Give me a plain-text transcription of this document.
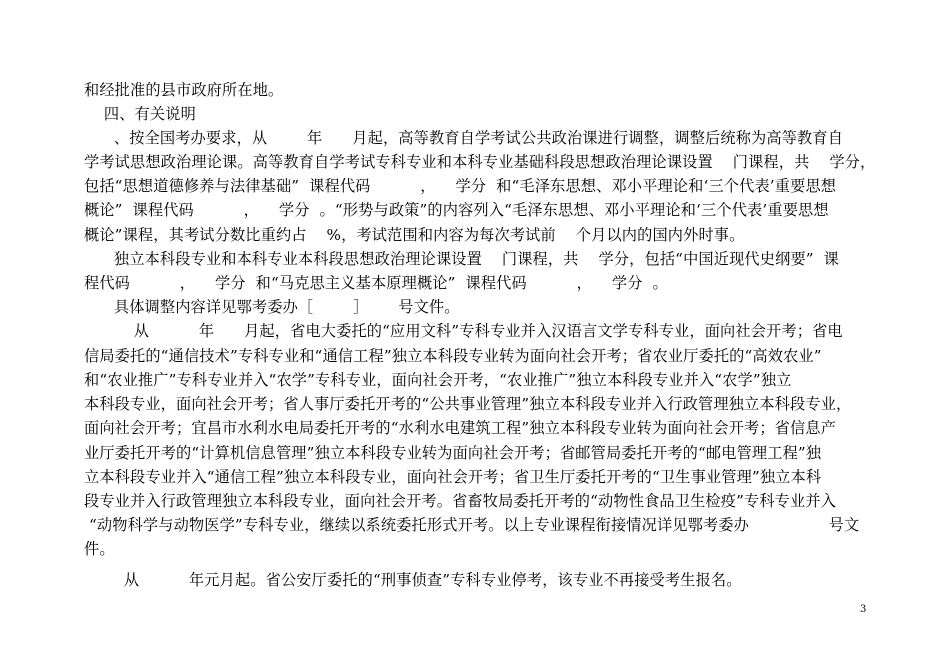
和经批准的县市政府所在地。
四、有关说明
、按全国考办要求，从        年      月起，高等教育自学考试公共政治课进行调整，调整后统称为高等教育自
学考试思想政治理论课。高等教育自学考试专科专业和本科专业基础科段思想政治理论课设置    门课程，共    学分，
包括“思想道德修养与法律基础”  课程代码          ，    学分  和“毛泽东思想、邓小平理论和‘三个代表’重要思想
概论”  课程代码          ，    学分  。“形势与政策”的内容列入“毛泽东思想、邓小平理论和‘三个代表’重要思想
概论”课程，其考试分数比重约占    %，考试范围和内容为每次考试前    个月以内的国内外时事。
独立本科段专业和本科专业本科段思想政治理论课设置    门课程，共    学分，包括“中国近现代史纲要”  课
程代码          ，    学分  和“马克思主义基本原理概论”  课程代码          ，    学分  。
具体调整内容详见鄂考委办［        ］      号文件。
从          年      月起，省电大委托的“应用文科”专科专业并入汉语言文学专科专业，面向社会开考；省电
信局委托的“通信技术”专科专业和“通信工程”独立本科段专业转为面向社会开考；省农业厅委托的“高效农业”
和“农业推广”专科专业并入“农学”专科专业，面向社会开考，“农业推广”独立本科段专业并入“农学”独立
本科段专业，面向社会开考；省人事厅委托开考的“公共事业管理”独立本科段专业并入行政管理独立本科段专业，
面向社会开考；宜昌市水利水电局委托开考的“水利水电建筑工程”独立本科段专业转为面向社会开考；省信息产
业厅委托开考的“计算机信息管理”独立本科段专业转为面向社会开考；省邮管局委托开考的“邮电管理工程”独
立本科段专业并入“通信工程”独立本科段专业，面向社会开考；省卫生厅委托开考的“卫生事业管理”独立本科
段专业并入行政管理独立本科段专业，面向社会开考。省畜牧局委托开考的“动物性食品卫生检疫”专科专业并入
“动物科学与动物医学”专科专业，继续以系统委托形式开考。以上专业课程衔接情况详见鄂考委办                号文
件。
从          年元月起。省公安厅委托的“刑事侦查”专科专业停考，该专业不再接受考生报名。
3
